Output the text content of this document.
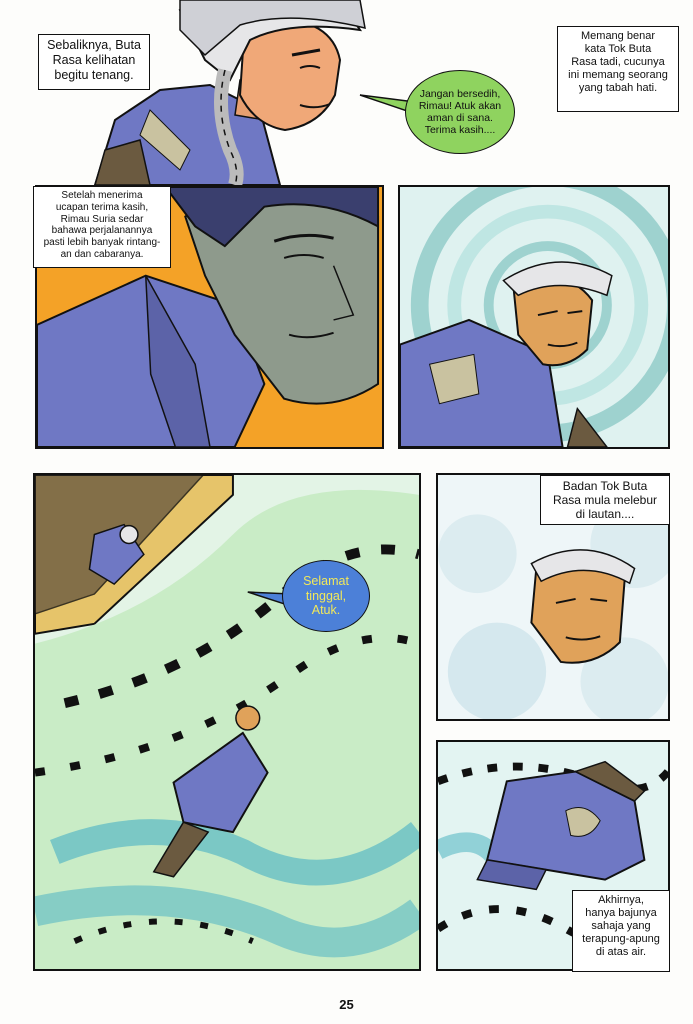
Sebaliknya, Buta
Rasa kelihatan
begitu tenang.
Jangan bersedih,
Rimau! Atuk akan
aman di sana.
Terima kasih....
Memang benar
kata Tok Buta
Rasa tadi, cucunya
ini memang seorang
yang tabah hati.
Setelah menerima
ucapan terima kasih,
Rimau Suria sedar
bahawa perjalanannya
pasti lebih banyak rintang-
an dan cabaranya.
Selamat
tinggal,
Atuk.
Badan Tok Buta
Rasa mula melebur
di lautan....
Akhirnya,
hanya bajunya
sahaja yang
terapung-apung
di atas air.
25
